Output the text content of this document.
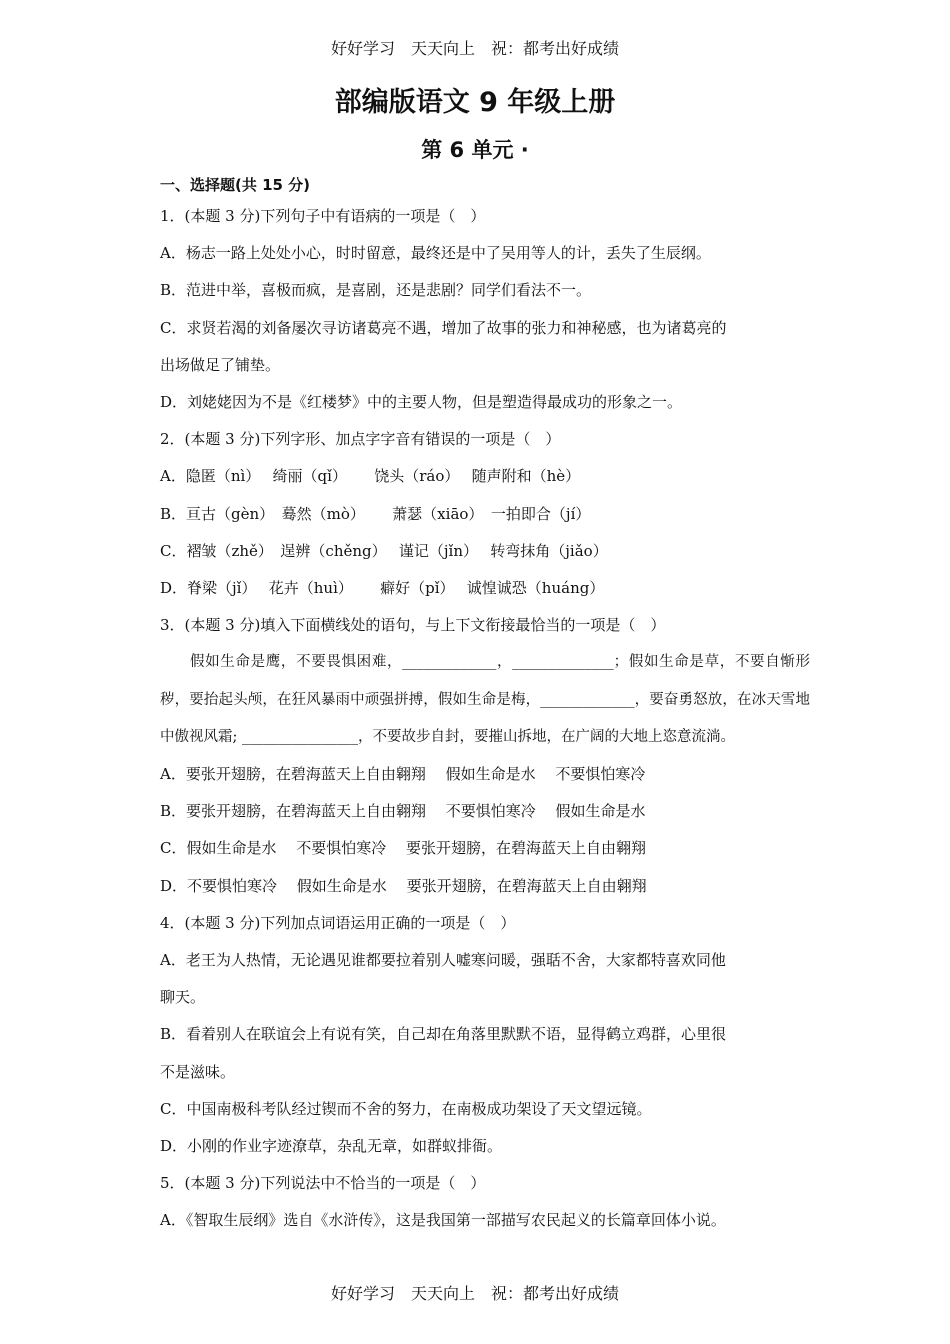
好好学习　天天向上　祝：都考出好成绩
部编版语文 9 年级上册
第 6 单元 ·
一、选择题(共 15 分)
1．(本题 3 分)下列句子中有语病的一项是（　）
A．杨志一路上处处小心，时时留意，最终还是中了吴用等人的计，丢失了生辰纲。
B．范进中举，喜极而疯，是喜剧，还是悲剧？同学们看法不一。
C．求贤若渴的刘备屡次寻访诸葛亮不遇，增加了故事的张力和神秘感，也为诸葛亮的
出场做足了铺垫。
D．刘姥姥因为不是《红楼梦》中的主要人物，但是塑造得最成功的形象之一。
2．(本题 3 分)下列字形、加点字字音有错误的一项是（　）
A．隐匿（nì）　 绮丽（qǐ）　　 饶头（ráo）　 随声附和（hè）
B．亘古（gèn）　蓦然（mò）　　 萧瑟（xiāo）　一拍即合（jí）
C．褶皱（zhě）　逞辨（chěng）　 谨记（jǐn）　 转弯抹角（jiǎo）
D．脊梁（jǐ）　 花卉（huì）　　 癖好（pǐ）　 诚惶诚恐（huáng）
3．(本题 3 分)填入下面横线处的语句，与上下文衔接最恰当的一项是（　）
假如生命是鹰，不要畏惧困难，_____________，______________；假如生命是草，不要自惭形秽，要抬起头颅，在狂风暴雨中顽强拼搏，假如生命是梅，_____________，要奋勇怒放，在冰天雪地中傲视风霜; ________________，不要故步自封，要摧山拆地，在广阔的大地上恣意流淌。
A．要张开翅膀，在碧海蓝天上自由翱翔　 假如生命是水　 不要惧怕寒冷
B．要张开翅膀，在碧海蓝天上自由翱翔　 不要惧怕寒冷　 假如生命是水
C．假如生命是水　 不要惧怕寒冷　 要张开翅膀，在碧海蓝天上自由翱翔
D．不要惧怕寒冷　 假如生命是水　 要张开翅膀，在碧海蓝天上自由翱翔
4．(本题 3 分)下列加点词语运用正确的一项是（　）
A．老王为人热情，无论遇见谁都要拉着别人嘘寒问暖，强聒不舍，大家都特喜欢同他
聊天。
B．看着别人在联谊会上有说有笑，自己却在角落里默默不语，显得鹤立鸡群，心里很
不是滋味。
C．中国南极科考队经过锲而不舍的努力，在南极成功架设了天文望远镜。
D．小刚的作业字迹潦草，杂乱无章，如群蚁排衙。
5．(本题 3 分)下列说法中不恰当的一项是（　）
A．《智取生辰纲》选自《水浒传》，这是我国第一部描写农民起义的长篇章回体小说。
好好学习　天天向上　祝：都考出好成绩
